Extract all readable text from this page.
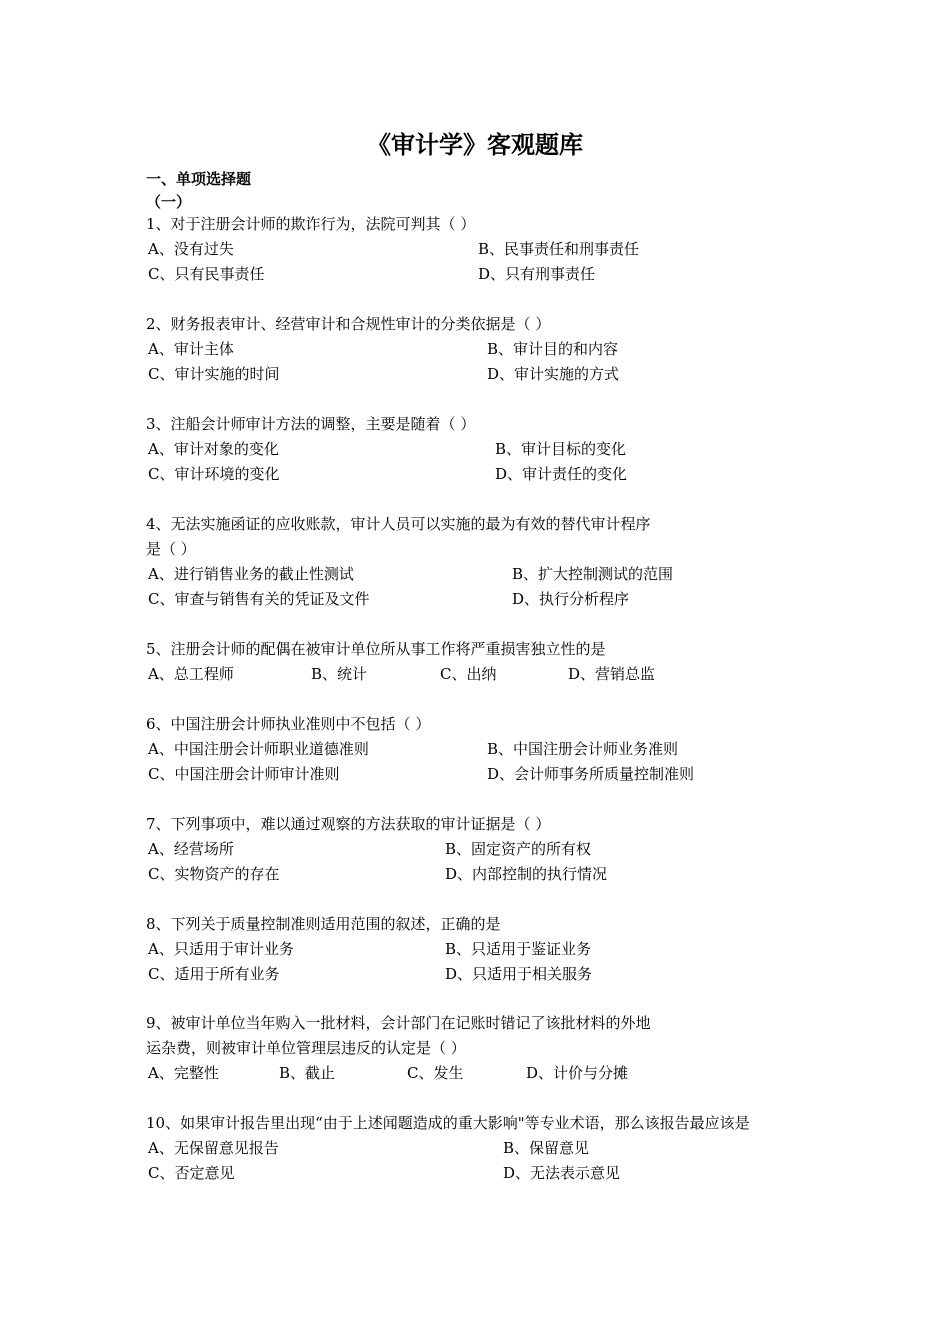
《审计学》客观题库
一、单项选择题
（一）
1、对于注册会计师的欺诈行为，法院可判其（ ）
A、没有过失	B、民事责任和刑事责任
C、只有民事责任	D、只有刑事责任
2、财务报表审计、经营审计和合规性审计的分类依据是（ ）
A、审计主体	B、审计目的和内容
C、审计实施的时间	D、审计实施的方式
3、注船会计师审计方法的调整，主要是随着（ ）
A、审计对象的变化	B、审计目标的变化
C、审计环境的变化	D、审计责任的变化
4、无法实施函证的应收账款，审计人员可以实施的最为有效的替代审计程序
是（ ）
A、进行销售业务的截止性测试	B、扩大控制测试的范围
C、审查与销售有关的凭证及文件	D、执行分析程序
5、注册会计师的配偶在被审计单位所从事工作将严重损害独立性的是
A、总工程师	B、统计	C、出纳	D、营销总监
6、中国注册会计师执业准则中不包括（ ）
A、中国注册会计师职业道德准则	B、中国注册会计师业务准则
C、中国注册会计师审计准则	D、会计师事务所质量控制准则
7、下列事项中，难以通过观察的方法获取的审计证据是（ ）
A、经营场所	B、固定资产的所有权
C、实物资产的存在	D、内部控制的执行情况
8、下列关于质量控制准则适用范围的叙述，正确的是
A、只适用于审计业务	B、只适用于鉴证业务
C、适用于所有业务	D、只适用于相关服务
9、被审计单位当年购入一批材料，会计部门在记账时错记了该批材料的外地
运杂费，则被审计单位管理层违反的认定是（ ）
A、完整性	B、截止	C、发生	D、计价与分摊
10、如果审计报告里出现“由于上述闻题造成的重大影响"等专业术语，那么该报告最应该是
A、无保留意见报告	B、保留意见
C、否定意见	D、无法表示意见
